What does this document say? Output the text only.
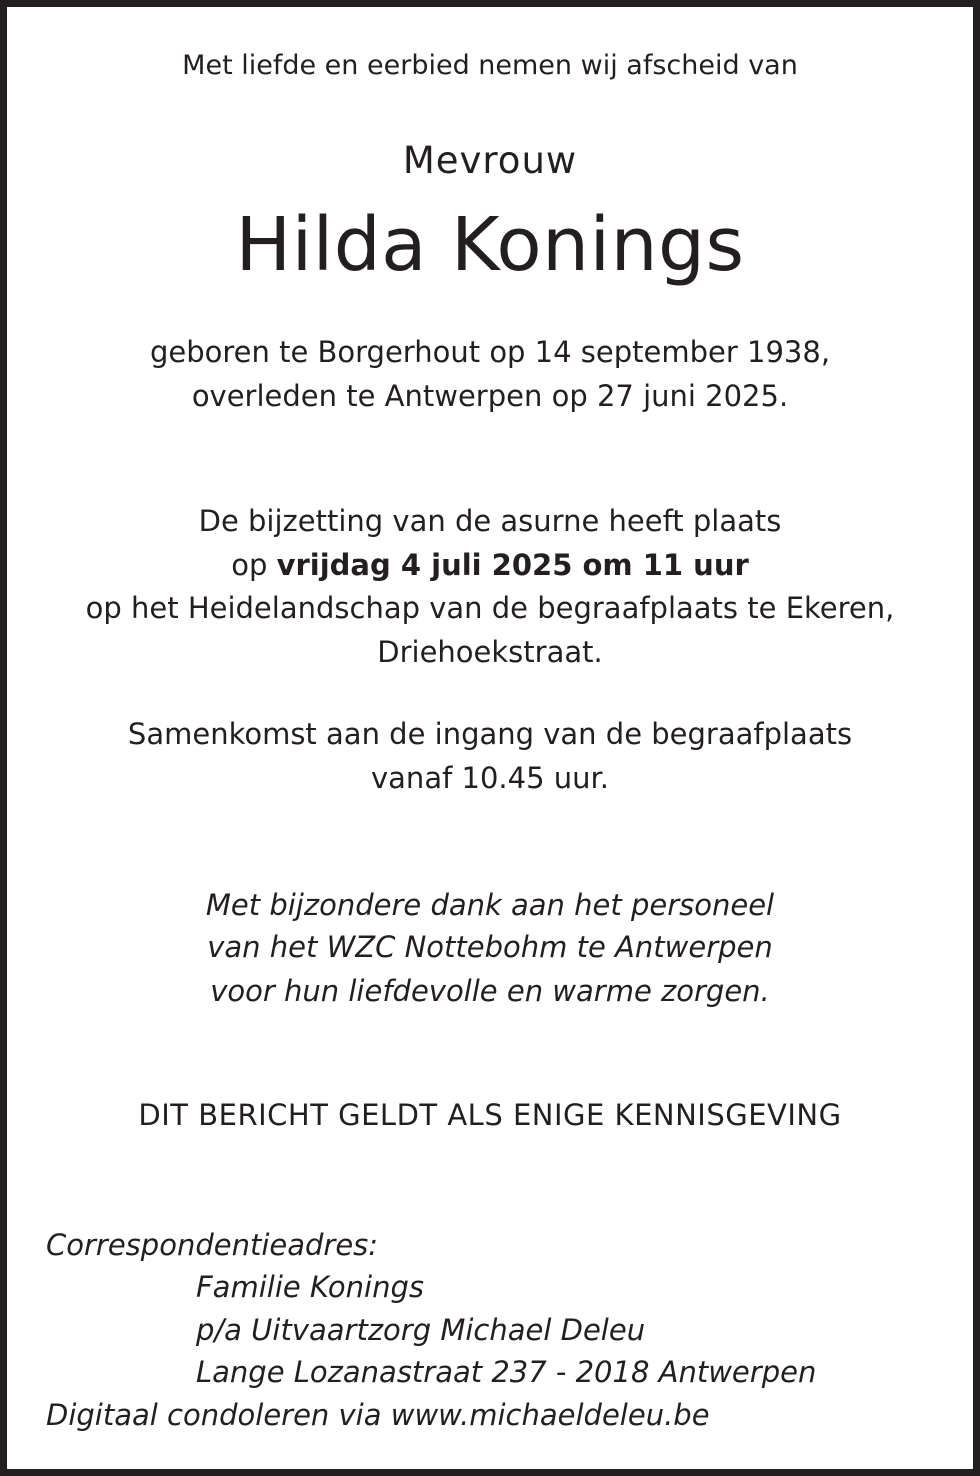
Met liefde en eerbied nemen wij afscheid van
Mevrouw
Hilda Konings
geboren te Borgerhout op 14 september 1938,
overleden te Antwerpen op 27 juni 2025.
De bijzetting van de asurne heeft plaats
op vrijdag 4 juli 2025 om 11 uur
op het Heidelandschap van de begraafplaats te Ekeren,
Driehoekstraat.
Samenkomst aan de ingang van de begraafplaats
vanaf 10.45 uur.
Met bijzondere dank aan het personeel
van het WZC Nottebohm te Antwerpen
voor hun liefdevolle en warme zorgen.
DIT BERICHT GELDT ALS ENIGE KENNISGEVING
Correspondentieadres:
Familie Konings
p/a Uitvaartzorg Michael Deleu
Lange Lozanastraat 237 - 2018 Antwerpen
Digitaal condoleren via www.michaeldeleu.be
